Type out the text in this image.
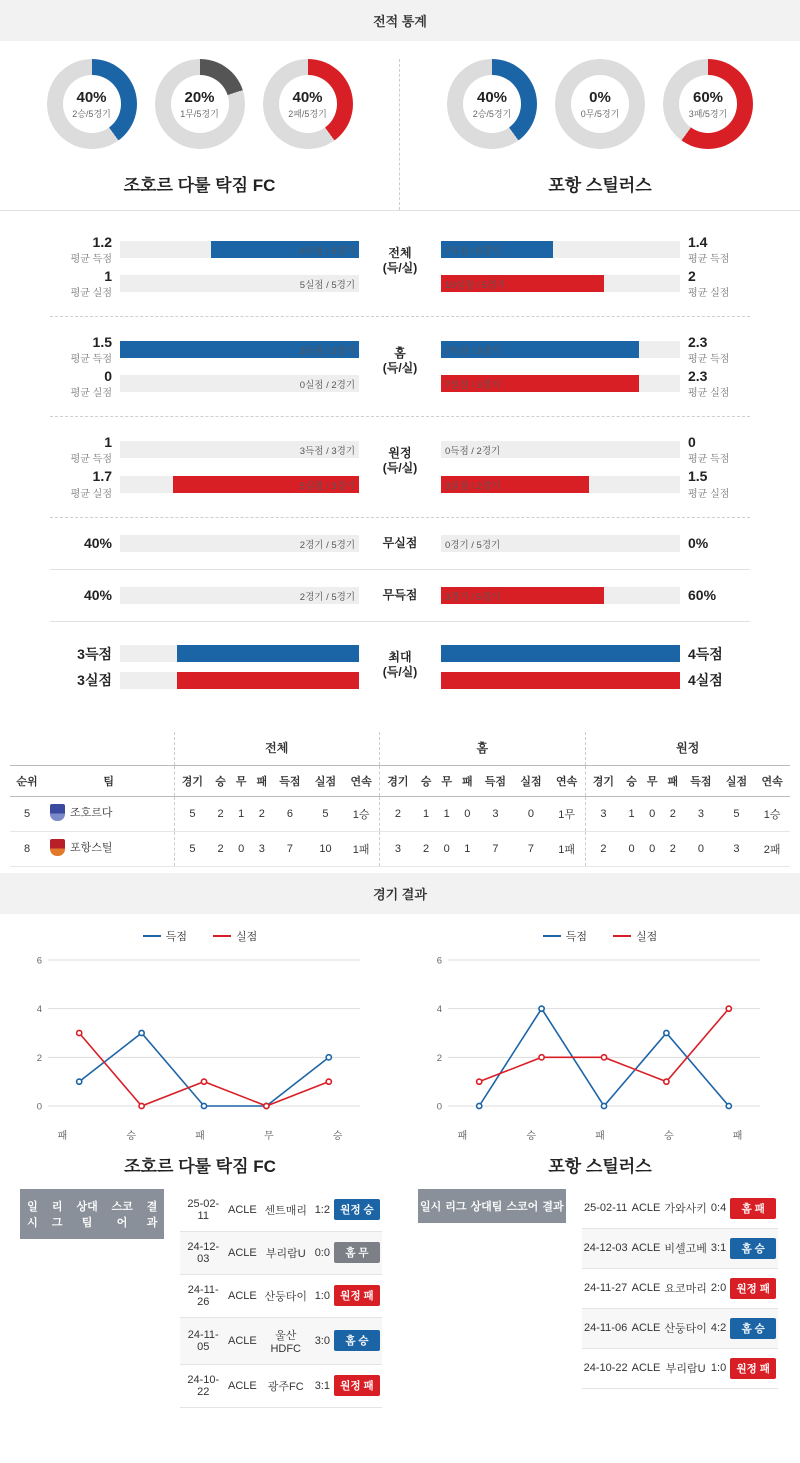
전적 통계
40%
2승/5경기
20%
1무/5경기
40%
2패/5경기
조호르 다룰 탁짐 FC
40%
2승/5경기
0%
0무/5경기
60%
3패/5경기
포항 스틸러스
1.2
평균 득점
6득점 / 5경기	전체
(득/실)
7득점 / 5경기
1.4
평균 득점
1
평균 실점
5실점 / 5경기	10실점 / 5경기
2
평균 실점
1.5
평균 득점
3득점 / 2경기	홈
(득/실)
7득점 / 3경기
2.3
평균 득점
0
평균 실점
0실점 / 2경기	7실점 / 3경기
2.3
평균 실점
1
평균 득점
3득점 / 3경기	원정
(득/실)
0득점 / 2경기
0
평균 득점
1.7
평균 실점
5실점 / 3경기	3실점 / 2경기
1.5
평균 실점
40%	2경기 / 5경기	무실점	0경기 / 5경기	0%
40%	2경기 / 5경기	무득점	3경기 / 5경기	60%
3득점	최대
(득/실)
4득점
3실점	4실점
		전체							홈							원정						
순위	팀	경기	승	무	패	득점	실점	연속	경기	승	무	패	득점	실점	연속	경기	승	무	패	득점	실점	연속
5	조호르다	5	2	1	2	6	5	1승	2	1	1	0	3	0	1무	3	1	0	2	3	5	1승
8	포항스틸	5	2	0	3	7	10	1패	3	2	0	1	7	7	1패	2	0	0	2	0	3	2패
경기 결과
득점	실점
0
2
4
6
패	승	패	무	승
조호르 다룰 탁짐 FC
득점	실점
0
2
4
6
패	승	패	승	패
포항 스틸러스
일시	리그	상대팀	스코어	결과
25-02-11	ACLE	센트매리	1:2	원정 승
24-12-03	ACLE	부리람U	0:0	홈 무
24-11-26	ACLE	산둥타이	1:0	원정 패
24-11-05	ACLE	울산HDFC	3:0	홈 승
24-10-22	ACLE	광주FC	3:1	원정 패
일시	리그	상대팀	스코어	결과
25-02-11	ACLE	가와사키	0:4	홈 패
24-12-03	ACLE	비셀고베	3:1	홈 승
24-11-27	ACLE	요코마리	2:0	원정 패
24-11-06	ACLE	산둥타이	4:2	홈 승
24-10-22	ACLE	부리람U	1:0	원정 패
